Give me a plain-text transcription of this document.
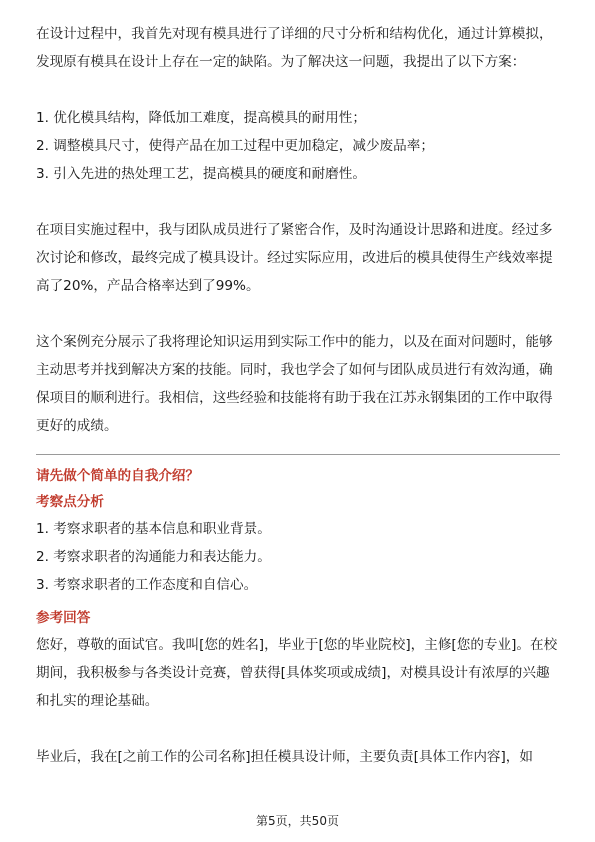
在设计过程中，我首先对现有模具进行了详细的尺寸分析和结构优化，通过计算模拟，发现原有模具在设计上存在一定的缺陷。为了解决这一问题，我提出了以下方案：

1. 优化模具结构，降低加工难度，提高模具的耐用性；

2. 调整模具尺寸，使得产品在加工过程中更加稳定，减少废品率；

3. 引入先进的热处理工艺，提高模具的硬度和耐磨性。

在项目实施过程中，我与团队成员进行了紧密合作，及时沟通设计思路和进度。经过多次讨论和修改，最终完成了模具设计。经过实际应用，改进后的模具使得生产线效率提高了20%，产品合格率达到了99%。

这个案例充分展示了我将理论知识运用到实际工作中的能力，以及在面对问题时，能够主动思考并找到解决方案的技能。同时，我也学会了如何与团队成员进行有效沟通，确保项目的顺利进行。我相信，这些经验和技能将有助于我在江苏永钢集团的工作中取得更好的成绩。

请先做个简单的自我介绍？

考察点分析

1. 考察求职者的基本信息和职业背景。

2. 考察求职者的沟通能力和表达能力。

3. 考察求职者的工作态度和自信心。

参考回答

您好，尊敬的面试官。我叫[您的姓名]，毕业于[您的毕业院校]，主修[您的专业]。在校期间，我积极参与各类设计竞赛，曾获得[具体奖项或成绩]，对模具设计有浓厚的兴趣和扎实的理论基础。

毕业后，我在[之前工作的公司名称]担任模具设计师，主要负责[具体工作内容]，如

第5页，共50页
